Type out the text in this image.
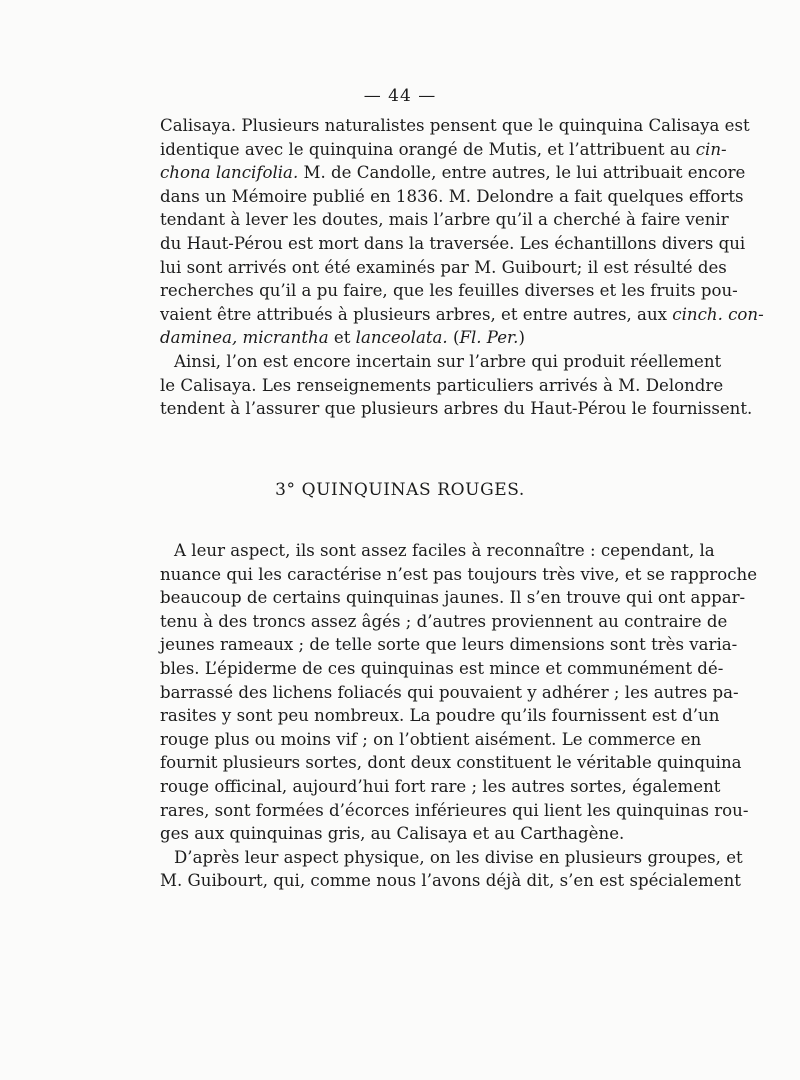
— 44 —
Calisaya. Plusieurs naturalistes pensent que le quinquina Calisaya est
identique avec le quinquina orangé de Mutis, et l’attribuent au cin-
chona lancifolia. M. de Candolle, entre autres, le lui attribuait encore
dans un Mémoire publié en 1836. M. Delondre a fait quelques efforts
tendant à lever les doutes, mais l’arbre qu’il a cherché à faire venir
du Haut-Pérou est mort dans la traversée. Les échantillons divers qui
lui sont arrivés ont été examinés par M. Guibourt; il est résulté des
recherches qu’il a pu faire, que les feuilles diverses et les fruits pou-
vaient être attribués à plusieurs arbres, et entre autres, aux cinch. con-
daminea, micrantha et lanceolata. (Fl. Per.)
Ainsi, l’on est encore incertain sur l’arbre qui produit réellement
le Calisaya. Les renseignements particuliers arrivés à M. Delondre
tendent à l’assurer que plusieurs arbres du Haut-Pérou le fournissent.
3° QUINQUINAS ROUGES.
A leur aspect, ils sont assez faciles à reconnaître : cependant, la
nuance qui les caractérise n’est pas toujours très vive, et se rapproche
beaucoup de certains quinquinas jaunes. Il s’en trouve qui ont appar-
tenu à des troncs assez âgés ; d’autres proviennent au contraire de
jeunes rameaux ; de telle sorte que leurs dimensions sont très varia-
bles. L’épiderme de ces quinquinas est mince et communément dé-
barrassé des lichens foliacés qui pouvaient y adhérer ; les autres pa-
rasites y sont peu nombreux. La poudre qu’ils fournissent est d’un
rouge plus ou moins vif ; on l’obtient aisément. Le commerce en
fournit plusieurs sortes, dont deux constituent le véritable quinquina
rouge officinal, aujourd’hui fort rare ; les autres sortes, également
rares, sont formées d’écorces inférieures qui lient les quinquinas rou-
ges aux quinquinas gris, au Calisaya et au Carthagène.
D’après leur aspect physique, on les divise en plusieurs groupes, et
M. Guibourt, qui, comme nous l’avons déjà dit, s’en est spécialement
